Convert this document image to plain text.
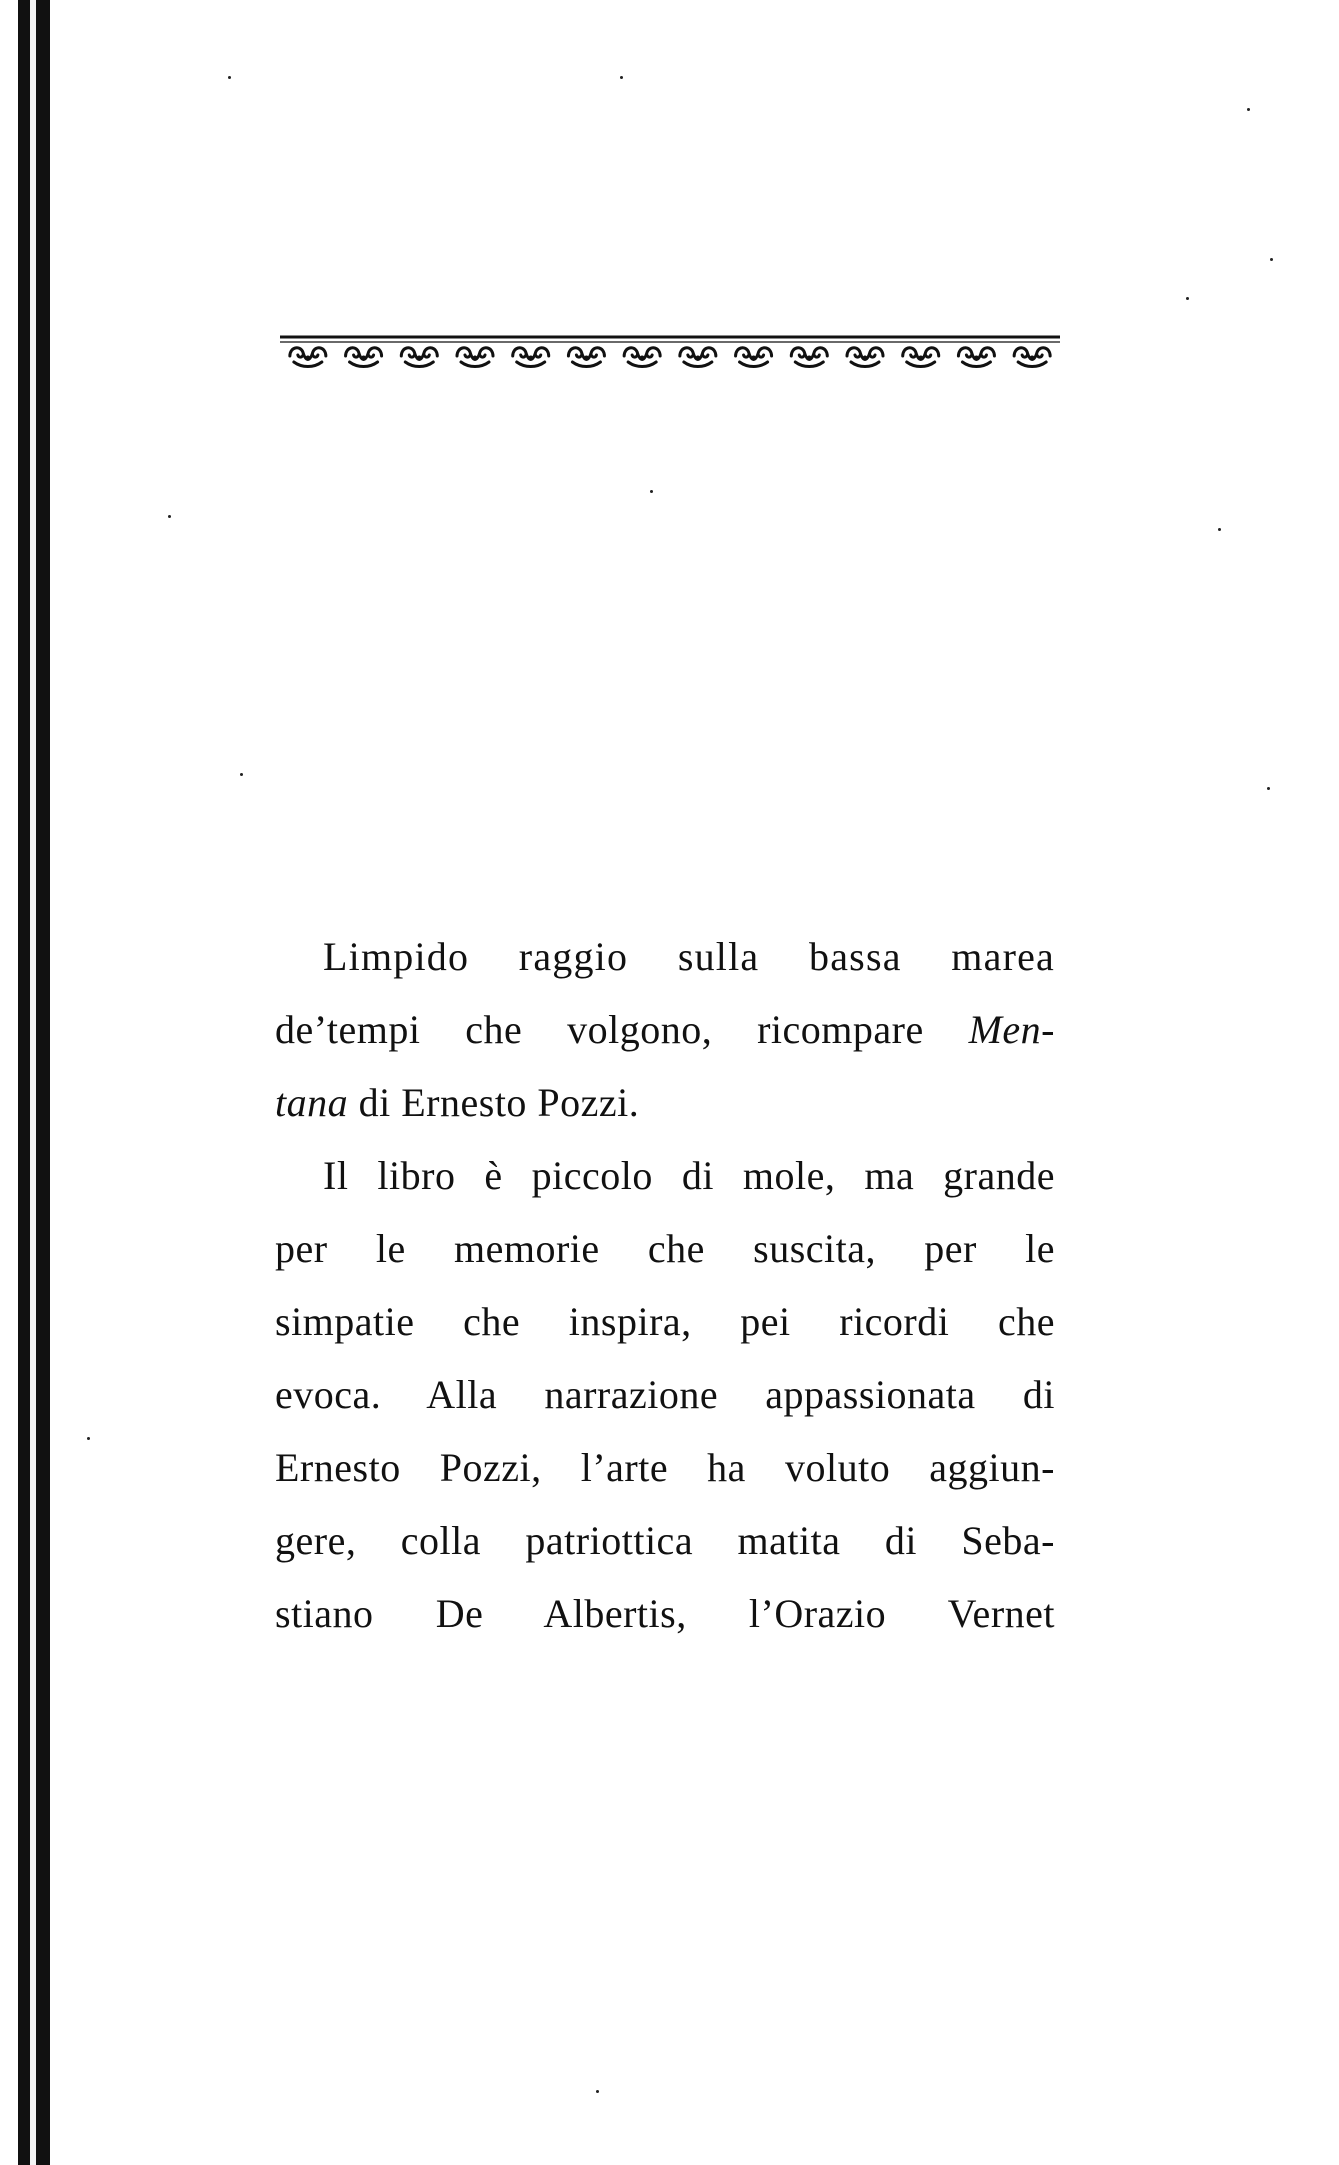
Limpido raggio sulla bassa marea
de’tempi che volgono, ricompare Men-
tana di Ernesto Pozzi.
Il libro è piccolo di mole, ma grande
per le memorie che suscita, per le
simpatie che inspira, pei ricordi che
evoca. Alla narrazione appassionata di
Ernesto Pozzi, l’arte ha voluto aggiun-
gere, colla patriottica matita di Seba-
stiano De Albertis, l’Orazio Vernet
